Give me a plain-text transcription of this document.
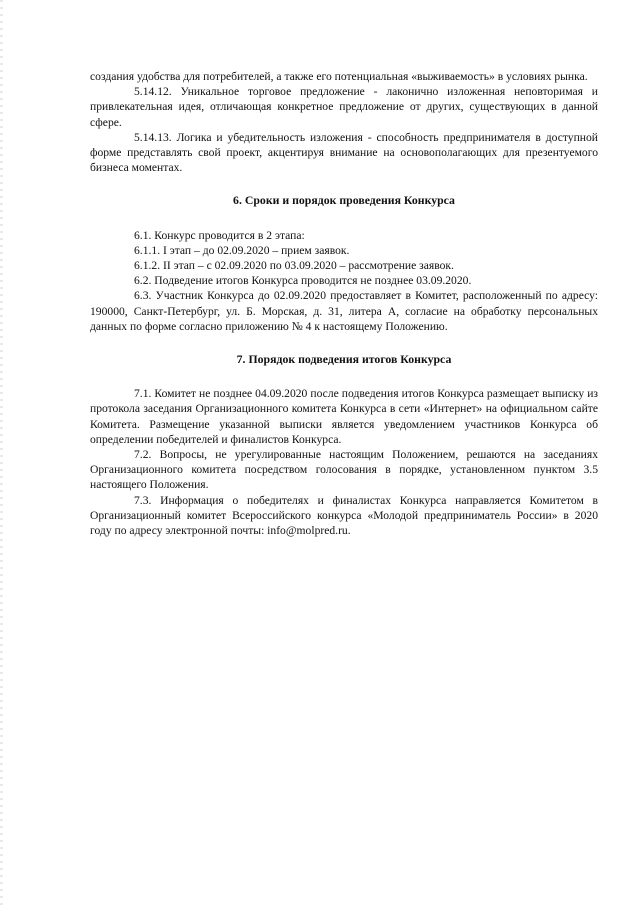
создания удобства для потребителей, а также его потенциальная «выживаемость» в условиях рынка.

5.14.12. Уникальное торговое предложение - лаконично изложенная неповторимая и привлекательная идея, отличающая конкретное предложение от других, существующих в данной сфере.

5.14.13. Логика и убедительность изложения - способность предпринимателя в доступной форме представлять свой проект, акцентируя внимание на основополагающих для презентуемого бизнеса моментах.

6. Сроки и порядок проведения Конкурса

6.1. Конкурс проводится в 2 этапа:

6.1.1. I этап – до 02.09.2020 – прием заявок.

6.1.2. II этап – с 02.09.2020 по 03.09.2020 – рассмотрение заявок.

6.2. Подведение итогов Конкурса проводится не позднее 03.09.2020.

6.3. Участник Конкурса до 02.09.2020 предоставляет в Комитет, расположенный по адресу: 190000, Санкт-Петербург, ул. Б. Морская, д. 31, литера А, согласие на обработку персональных данных по форме согласно приложению № 4 к настоящему Положению.

7. Порядок подведения итогов Конкурса

7.1. Комитет не позднее 04.09.2020 после подведения итогов Конкурса размещает выписку из протокола заседания Организационного комитета Конкурса в сети «Интернет» на официальном сайте Комитета. Размещение указанной выписки является уведомлением участников Конкурса об определении победителей и финалистов Конкурса.

7.2. Вопросы, не урегулированные настоящим Положением, решаются на заседаниях Организационного комитета посредством голосования в порядке, установленном пунктом 3.5 настоящего Положения.

7.3. Информация о победителях и финалистах Конкурса направляется Комитетом в Организационный комитет Всероссийского конкурса «Молодой предприниматель России» в 2020 году по адресу электронной почты: info@molpred.ru.
